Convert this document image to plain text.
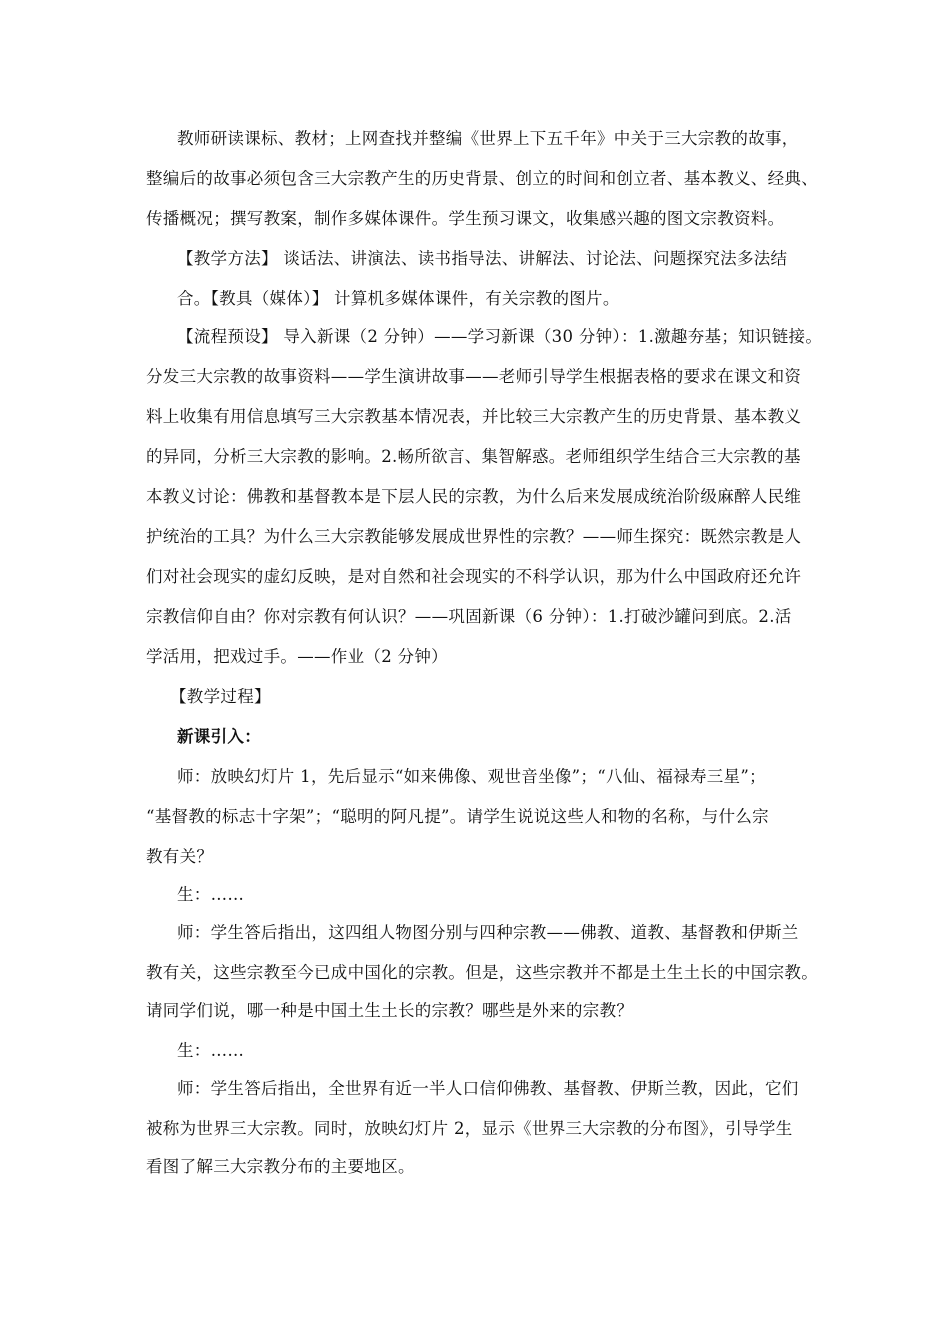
教师研读课标、教材；上网查找并整编《世界上下五千年》中关于三大宗教的故事，
整编后的故事必须包含三大宗教产生的历史背景、创立的时间和创立者、基本教义、经典、
传播概况；撰写教案，制作多媒体课件。学生预习课文，收集感兴趣的图文宗教资料。
【教学方法】 谈话法、讲演法、读书指导法、讲解法、讨论法、问题探究法多法结
合。【教具（媒体）】 计算机多媒体课件，有关宗教的图片。
【流程预设】 导入新课（2 分钟）——学习新课（30 分钟）：1.激趣夯基；知识链接。
分发三大宗教的故事资料——学生演讲故事——老师引导学生根据表格的要求在课文和资
料上收集有用信息填写三大宗教基本情况表，并比较三大宗教产生的历史背景、基本教义
的异同，分析三大宗教的影响。2.畅所欲言、集智解惑。老师组织学生结合三大宗教的基
本教义讨论：佛教和基督教本是下层人民的宗教，为什么后来发展成统治阶级麻醉人民维
护统治的工具？为什么三大宗教能够发展成世界性的宗教？——师生探究：既然宗教是人
们对社会现实的虚幻反映，是对自然和社会现实的不科学认识，那为什么中国政府还允许
宗教信仰自由？你对宗教有何认识？——巩固新课（6 分钟）：1.打破沙罐问到底。2.活
学活用，把戏过手。——作业（2 分钟）
【教学过程】
新课引入：
师：放映幻灯片 1，先后显示“如来佛像、观世音坐像”；“八仙、福禄寿三星”；
“基督教的标志十字架”；“聪明的阿凡提”。请学生说说这些人和物的名称，与什么宗
教有关？
生：……
师：学生答后指出，这四组人物图分别与四种宗教——佛教、道教、基督教和伊斯兰
教有关，这些宗教至今已成中国化的宗教。但是，这些宗教并不都是土生土长的中国宗教。
请同学们说，哪一种是中国土生土长的宗教？哪些是外来的宗教？
生：……
师：学生答后指出，全世界有近一半人口信仰佛教、基督教、伊斯兰教，因此，它们
被称为世界三大宗教。同时，放映幻灯片 2，显示《世界三大宗教的分布图》，引导学生
看图了解三大宗教分布的主要地区。
